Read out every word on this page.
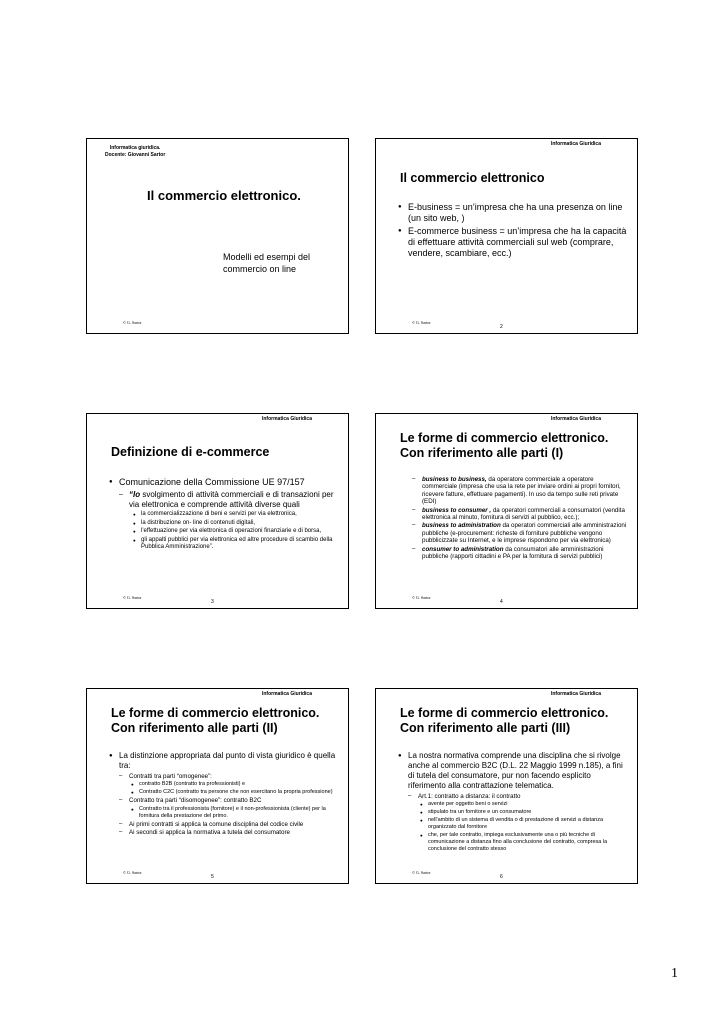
Informatica giuridica.
Docente: Giovanni Sartor
Il commercio elettronico.
Modelli ed esempi del
commercio on line
© G. Sartor
Informatica Giuridica
Il commercio elettronico
● E-business = un’impresa che ha una presenza on line (un sito web, )
● E-commerce business = un’impresa che ha la capacità di effettuare attività commerciali sul web (comprare, vendere, scambiare, ecc.)
© G. Sartor
2
Informatica Giuridica
Definizione di e-commerce
● Comunicazione della Commissione UE 97/157
– “lo svolgimento di attività commerciali e di transazioni per via elettronica e comprende attività diverse quali
● la commercializzazione di beni e servizi per via elettronica,
● la distribuzione on- line di contenuti digitali,
● l'effettuazione per via elettronica di operazioni finanziarie e di borsa,
● gli appalti pubblici per via elettronica ed altre procedure di scambio della Pubblica Amministrazione”.
© G. Sartor
3
Informatica Giuridica
Le forme di commercio elettronico.
Con riferimento alle parti (I)
– business to business, da operatore commerciale a operatore commerciale (impresa che usa la rete per inviare ordini ai propri fornitori, ricevere fatture, effettuare pagamenti). In uso da tempo sulle reti private (EDI)
– business to consumer , da operatori commerciali a consumatori (vendita elettronica al minuto, fornitura di servizi al pubblico, ecc.);
– business to administration da operatori commerciali alle amministrazioni pubbliche (e-procurement: richeste di forniture pubbliche vengono pubblicizzate su Internet, e le imprese rispondono per via elettronica)
– consumer to administration da consumatori alle amministrazioni pubbliche (rapporti cittadini e PA per la fornitura di servizi pubblici)
© G. Sartor
4
Informatica Giuridica
Le forme di commercio elettronico.
Con riferimento alle parti (II)
● La distinzione appropriata dal punto di vista giuridico è quella tra:
– Contratti tra parti “omogenee”:
● contratto B2B (contratto tra professionisti) e
● Contratto C2C (contratto tra persone che non esercitano la propria professione)
– Contratto tra parti “disomogenee”: contratto B2C
● Contratto tra il professionista (fornitore) e il non-professionista (cliente) per la fornitura della prestazione del primo.
– Ai primi contratti si applica la comune disciplina del codice civile
– Ai secondi si applica la normativa a tutela del consumatore
© G. Sartor
5
Informatica Giuridica
Le forme di commercio elettronico.
Con riferimento alle parti (III)
● La nostra normativa comprende una disciplina che si rivolge anche al commercio B2C (D.L. 22 Maggio 1999 n.185), a fini di tutela del consumatore, pur non facendo esplicito riferimento alla contrattazione telematica.
– Art.1: contratto a distanza: il contratto
● avente per oggetto beni o servizi
● stipulato tra un fornitore e un consumatore
● nell'ambito di un sistema di vendita o di prestazione di servizi a distanza organizzato dal fornitore
● che, per tale contratto, impiega esclusivamente una o più tecniche di comunicazione a distanza fino alla conclusione del contratto, compresa la conclusione del contratto stesso
© G. Sartor
6
1
